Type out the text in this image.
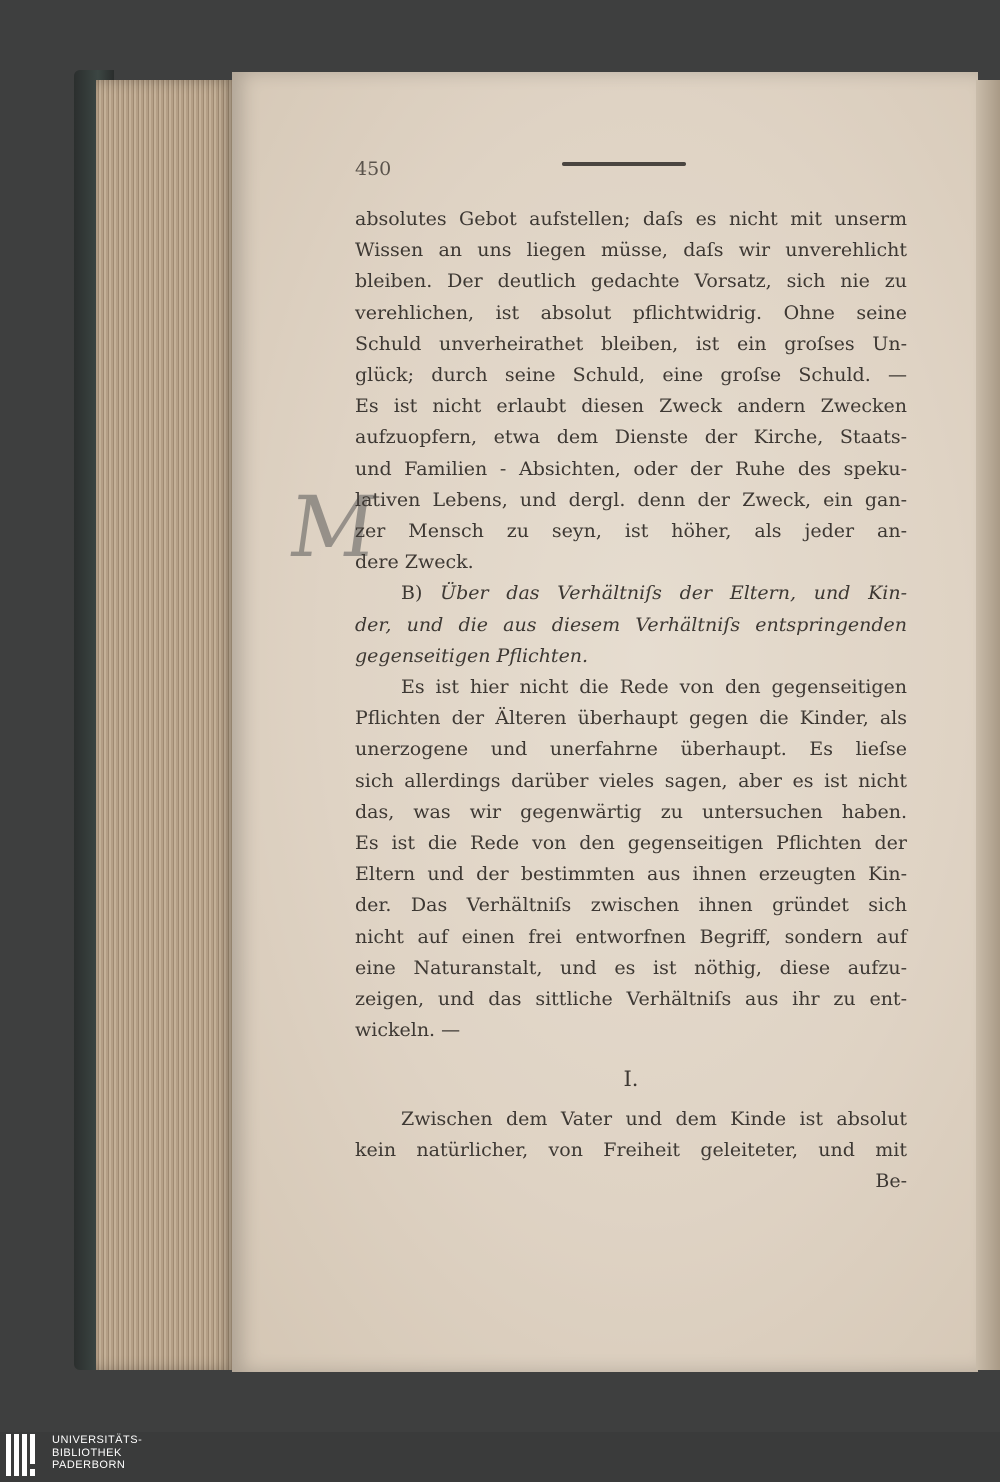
450
M

absolutes Gebot aufstellen; daſs es nicht mit unserm
Wissen an uns liegen müsse, daſs wir unverehlicht
bleiben. Der deutlich gedachte Vorsatz, sich nie zu
verehlichen, ist absolut pflichtwidrig. Ohne seine
Schuld unverheirathet bleiben, ist ein groſses Un-
glück; durch seine Schuld, eine groſse Schuld. —
Es ist nicht erlaubt diesen Zweck andern Zwecken
aufzuopfern, etwa dem Dienste der Kirche, Staats-
und Familien - Absichten, oder der Ruhe des speku-
lativen Lebens, und dergl. denn der Zweck, ein gan-
zer Mensch zu seyn, ist höher, als jeder an-
dere Zweck.

B) Über das Verhältniſs der Eltern, und Kin-
der, und die aus diesem Verhältniſs entspringenden
gegenseitigen Pflichten.

Es ist hier nicht die Rede von den gegenseitigen
Pflichten der Älteren überhaupt gegen die Kinder, als
unerzogene und unerfahrne überhaupt. Es lieſse
sich allerdings darüber vieles sagen, aber es ist nicht
das, was wir gegenwärtig zu untersuchen haben.
Es ist die Rede von den gegenseitigen Pflichten der
Eltern und der bestimmten aus ihnen erzeugten Kin-
der. Das Verhältniſs zwischen ihnen gründet sich
nicht auf einen frei entworfnen Begriff, sondern auf
eine Naturanstalt, und es ist nöthig, diese aufzu-
zeigen, und das sittliche Verhältniſs aus ihr zu ent-
wickeln. —

I.

Zwischen dem Vater und dem Kinde ist absolut
kein natürlicher, von Freiheit geleiteter, und mit

Be-
UNIVERSITÄTS-
BIBLIOTHEK
PADERBORN
